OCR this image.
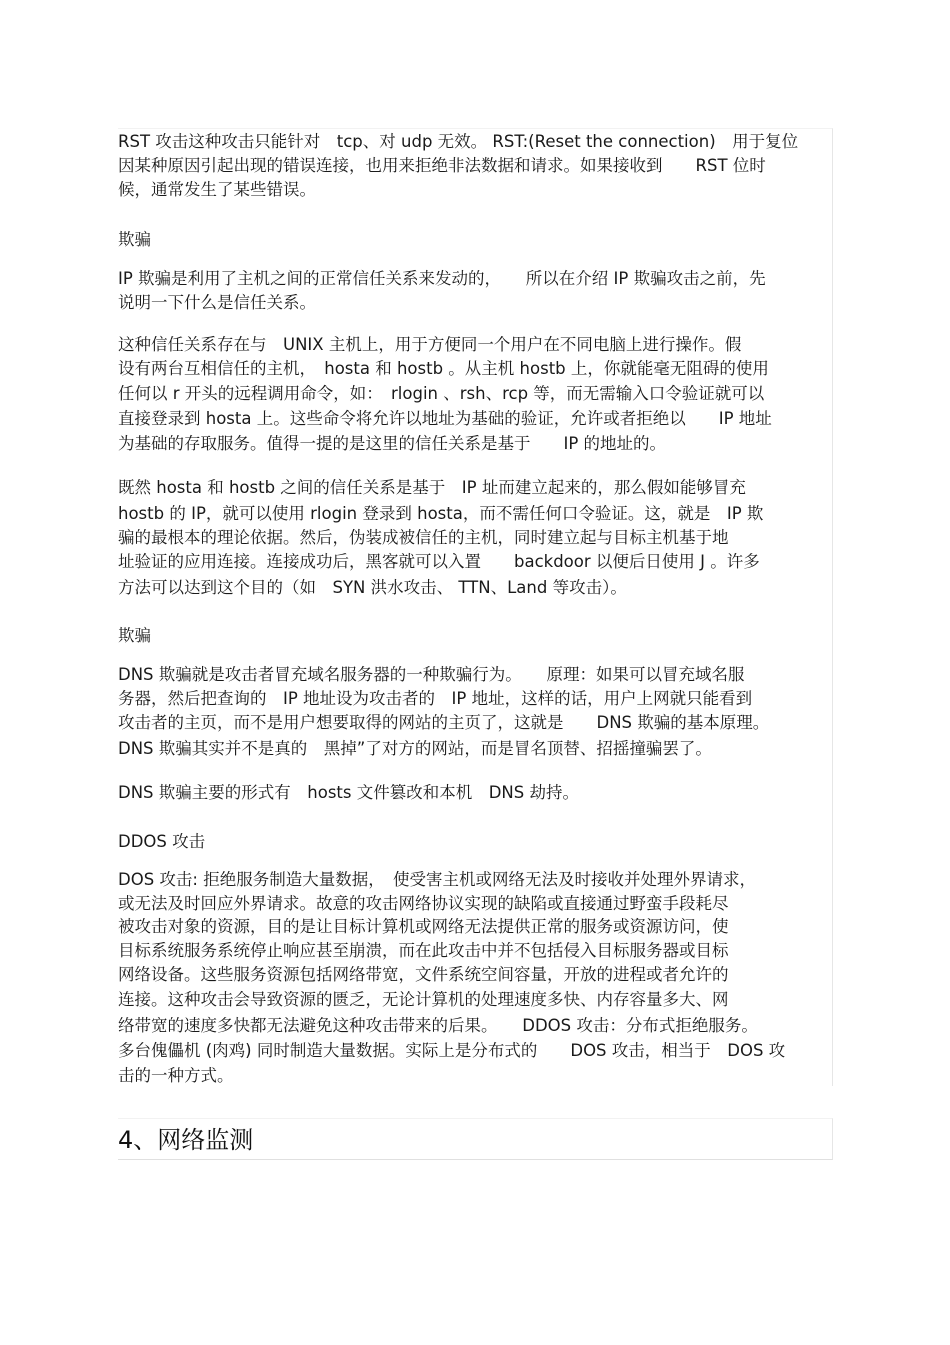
RST 攻击这种攻击只能针对　tcp、对 udp 无效。 RST:(Reset the connection)　用于复位
因某种原因引起出现的错误连接，也用来拒绝非法数据和请求。如果接收到　　RST 位时
候，通常发生了某些错误。
欺骗
IP 欺骗是利用了主机之间的正常信任关系来发动的，　　所以在介绍 IP 欺骗攻击之前，先
说明一下什么是信任关系。
这种信任关系存在与　UNIX 主机上，用于方便同一个用户在不同电脑上进行操作。假
设有两台互相信任的主机，　hosta 和 hostb 。从主机 hostb 上，你就能毫无阻碍的使用
任何以 r 开头的远程调用命令，如：　rlogin 、rsh、rcp 等，而无需输入口令验证就可以
直接登录到 hosta 上。这些命令将允许以地址为基础的验证，允许或者拒绝以　　IP 地址
为基础的存取服务。值得一提的是这里的信任关系是基于　　IP 的地址的。
既然 hosta 和 hostb 之间的信任关系是基于　IP 址而建立起来的，那么假如能够冒充
hostb 的 IP，就可以使用 rlogin 登录到 hosta，而不需任何口令验证。这，就是　IP 欺
骗的最根本的理论依据。然后，伪装成被信任的主机，同时建立起与目标主机基于地
址验证的应用连接。连接成功后，黑客就可以入置　　backdoor 以便后日使用 J 。许多
方法可以达到这个目的（如　SYN 洪水攻击、 TTN、Land 等攻击）。
欺骗
DNS 欺骗就是攻击者冒充域名服务器的一种欺骗行为。　　原理：如果可以冒充域名服
务器，然后把查询的　IP 地址设为攻击者的　IP 地址，这样的话，用户上网就只能看到
攻击者的主页，而不是用户想要取得的网站的主页了，这就是　　DNS 欺骗的基本原理。
DNS 欺骗其实并不是真的　黑掉”了对方的网站，而是冒名顶替、招摇撞骗罢了。
DNS 欺骗主要的形式有　hosts 文件篡改和本机　DNS 劫持。
DDOS 攻击
DOS 攻击: 拒绝服务制造大量数据，　使受害主机或网络无法及时接收并处理外界请求，
或无法及时回应外界请求。故意的攻击网络协议实现的缺陷或直接通过野蛮手段耗尽
被攻击对象的资源，目的是让目标计算机或网络无法提供正常的服务或资源访问，使
目标系统服务系统停止响应甚至崩溃，而在此攻击中并不包括侵入目标服务器或目标
网络设备。这些服务资源包括网络带宽，文件系统空间容量，开放的进程或者允许的
连接。这种攻击会导致资源的匮乏，无论计算机的处理速度多快、内存容量多大、网
络带宽的速度多快都无法避免这种攻击带来的后果。　　DDOS 攻击：分布式拒绝服务。
多台傀儡机 (肉鸡) 同时制造大量数据。实际上是分布式的　　DOS 攻击，相当于　DOS 攻
击的一种方式。
4、网络监测
